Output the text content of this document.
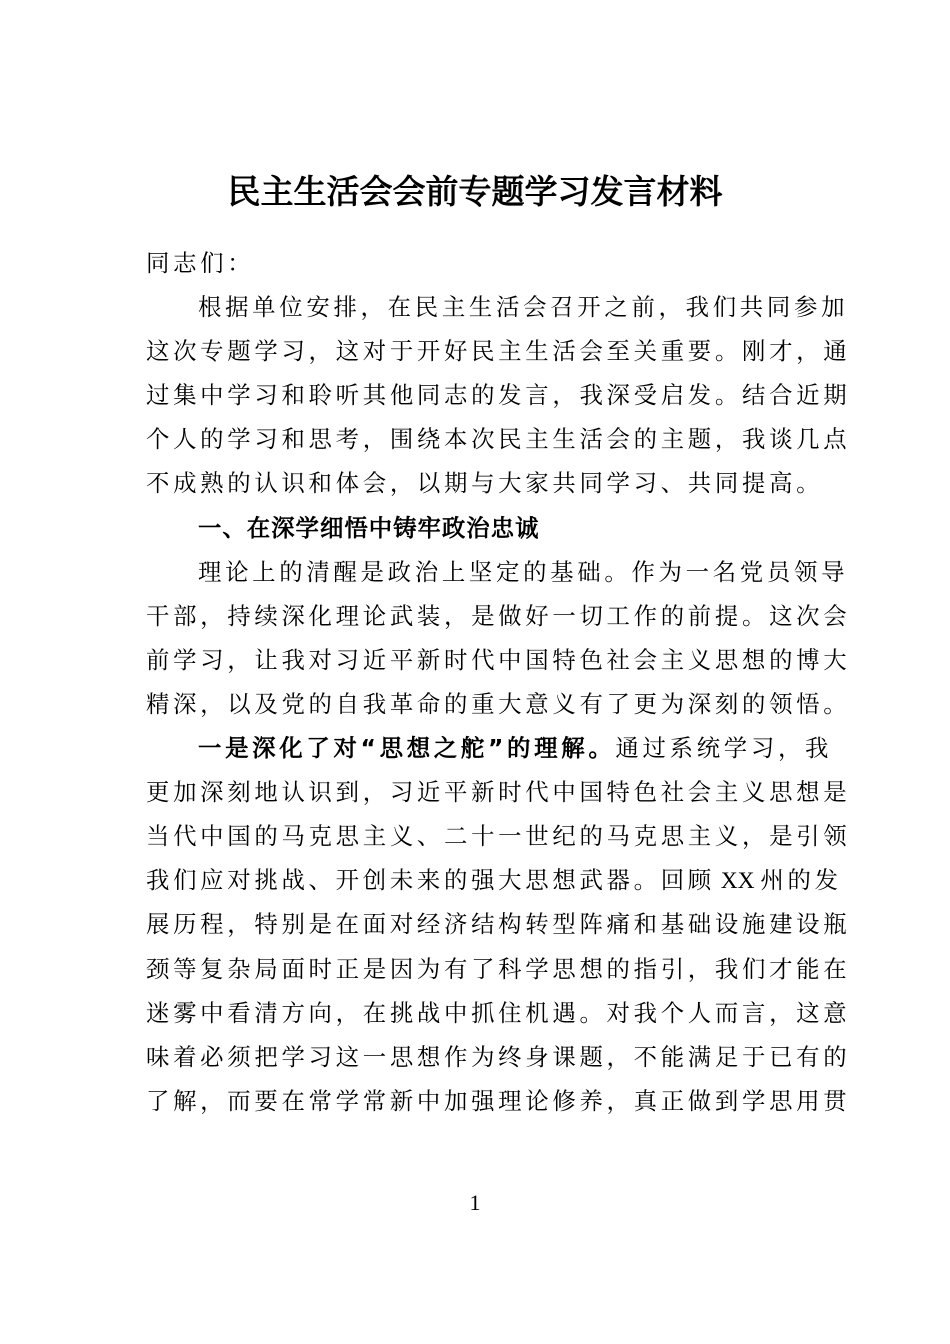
民主生活会会前专题学习发言材料
同志们：
根据单位安排，在民主生活会召开之前，我们共同参加
这次专题学习，这对于开好民主生活会至关重要。刚才，通
过集中学习和聆听其他同志的发言，我深受启发。结合近期
个人的学习和思考，围绕本次民主生活会的主题，我谈几点
不成熟的认识和体会，以期与大家共同学习、共同提高。
一、在深学细悟中铸牢政治忠诚
理论上的清醒是政治上坚定的基础。作为一名党员领导
干部，持续深化理论武装，是做好一切工作的前提。这次会
前学习，让我对习近平新时代中国特色社会主义思想的博大
精深，以及党的自我革命的重大意义有了更为深刻的领悟。
一是深化了对“思想之舵”的理解。通过系统学习，我
更加深刻地认识到，习近平新时代中国特色社会主义思想是
当代中国的马克思主义、二十一世纪的马克思主义，是引领
我们应对挑战、开创未来的强大思想武器。回顾 XX 州的发
展历程，特别是在面对经济结构转型阵痛和基础设施建设瓶
颈等复杂局面时正是因为有了科学思想的指引，我们才能在
迷雾中看清方向，在挑战中抓住机遇。对我个人而言，这意
味着必须把学习这一思想作为终身课题，不能满足于已有的
了解，而要在常学常新中加强理论修养，真正做到学思用贯
1
